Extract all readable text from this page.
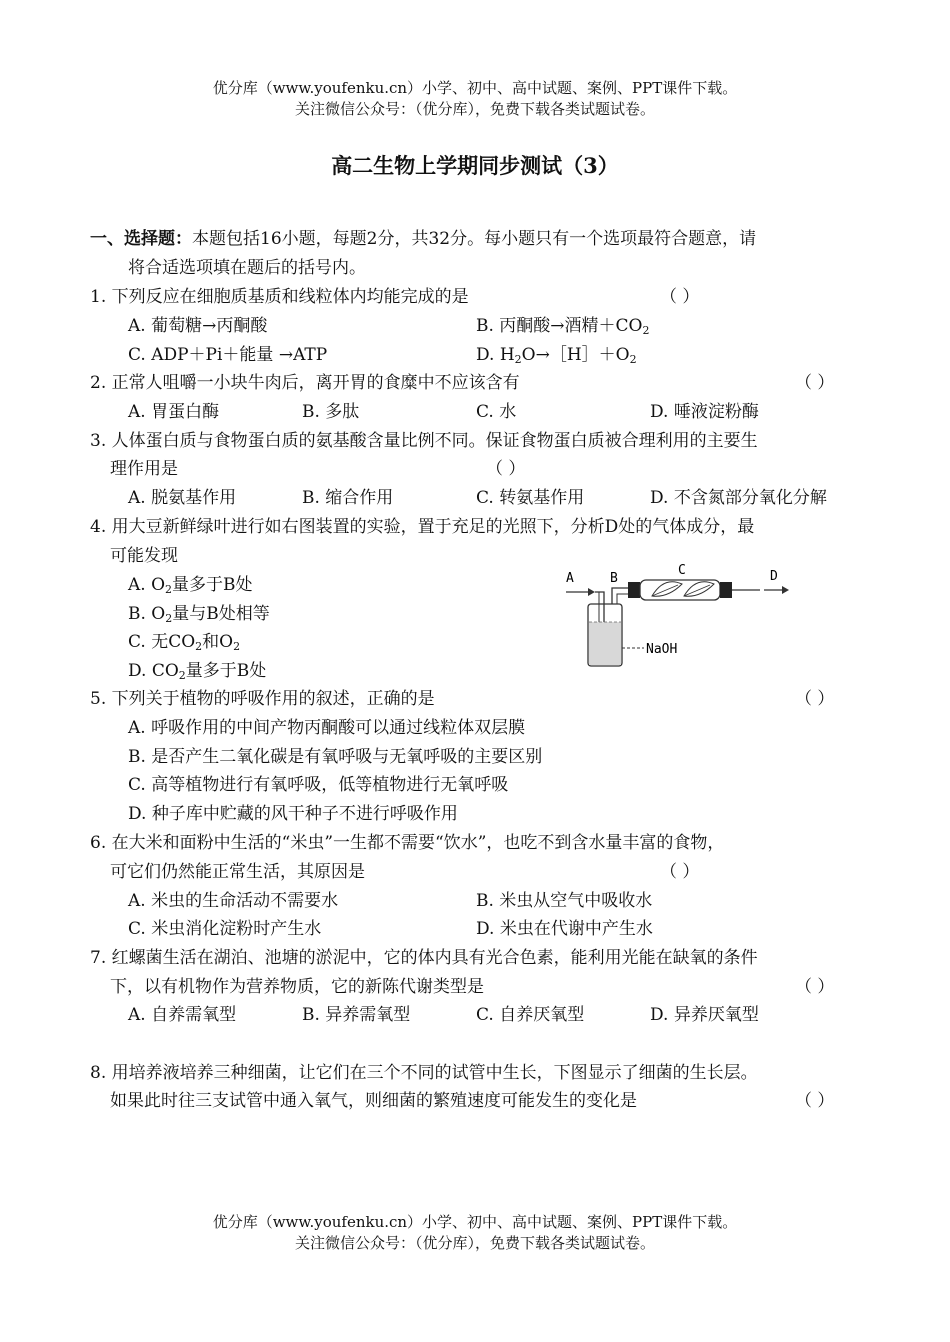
优分库（www.youfenku.cn）小学、初中、高中试题、案例、PPT课件下载。
关注微信公众号：（优分库），免费下载各类试题试卷。
高二生物上学期同步测试（3）
一、选择题：本题包括16小题，每题2分，共32分。每小题只有一个选项最符合题意，请
将合适选项填在题后的括号内。
1. 下列反应在细胞质基质和线粒体内均能完成的是	（ ）
A. 葡萄糖→丙酮酸	B. 丙酮酸→酒精$+CO_2$
C. ADP＋Pi＋能量 →ATP	D. $H_2O\to[H]+O_2$
2. 正常人咀嚼一小块牛肉后，离开胃的食糜中不应该含有	（ ）
A. 胃蛋白酶	B. 多肽	C. 水	D. 唾液淀粉酶
3. 人体蛋白质与食物蛋白质的氨基酸含量比例不同。保证食物蛋白质被合理利用的主要生
理作用是	（ ）
A. 脱氨基作用	B. 缩合作用	C. 转氨基作用	D. 不含氮部分氧化分解
4. 用大豆新鲜绿叶进行如右图装置的实验，置于充足的光照下，分析D处的气体成分，最
可能发现
A. $O_2$量多于B处
B. $O_2$量与B处相等
C. 无$CO_2$和$O_2$
D. $CO_2$量多于B处
A	B
NaOH
C	D
5. 下列关于植物的呼吸作用的叙述，正确的是	（ ）
A. 呼吸作用的中间产物丙酮酸可以通过线粒体双层膜
B. 是否产生二氧化碳是有氧呼吸与无氧呼吸的主要区别
C. 高等植物进行有氧呼吸，低等植物进行无氧呼吸
D. 种子库中贮藏的风干种子不进行呼吸作用
6. 在大米和面粉中生活的“米虫”一生都不需要“饮水”，也吃不到含水量丰富的食物，
可它们仍然能正常生活，其原因是	（ ）
A. 米虫的生命活动不需要水	B. 米虫从空气中吸收水
C. 米虫消化淀粉时产生水	D. 米虫在代谢中产生水
7. 红螺菌生活在湖泊、池塘的淤泥中，它的体内具有光合色素，能利用光能在缺氧的条件
下，以有机物作为营养物质，它的新陈代谢类型是	（ ）
A. 自养需氧型	B. 异养需氧型	C. 自养厌氧型	D. 异养厌氧型
8. 用培养液培养三种细菌，让它们在三个不同的试管中生长，下图显示了细菌的生长层。
如果此时往三支试管中通入氧气，则细菌的繁殖速度可能发生的变化是	（ ）
优分库（www.youfenku.cn）小学、初中、高中试题、案例、PPT课件下载。
关注微信公众号：（优分库），免费下载各类试题试卷。
